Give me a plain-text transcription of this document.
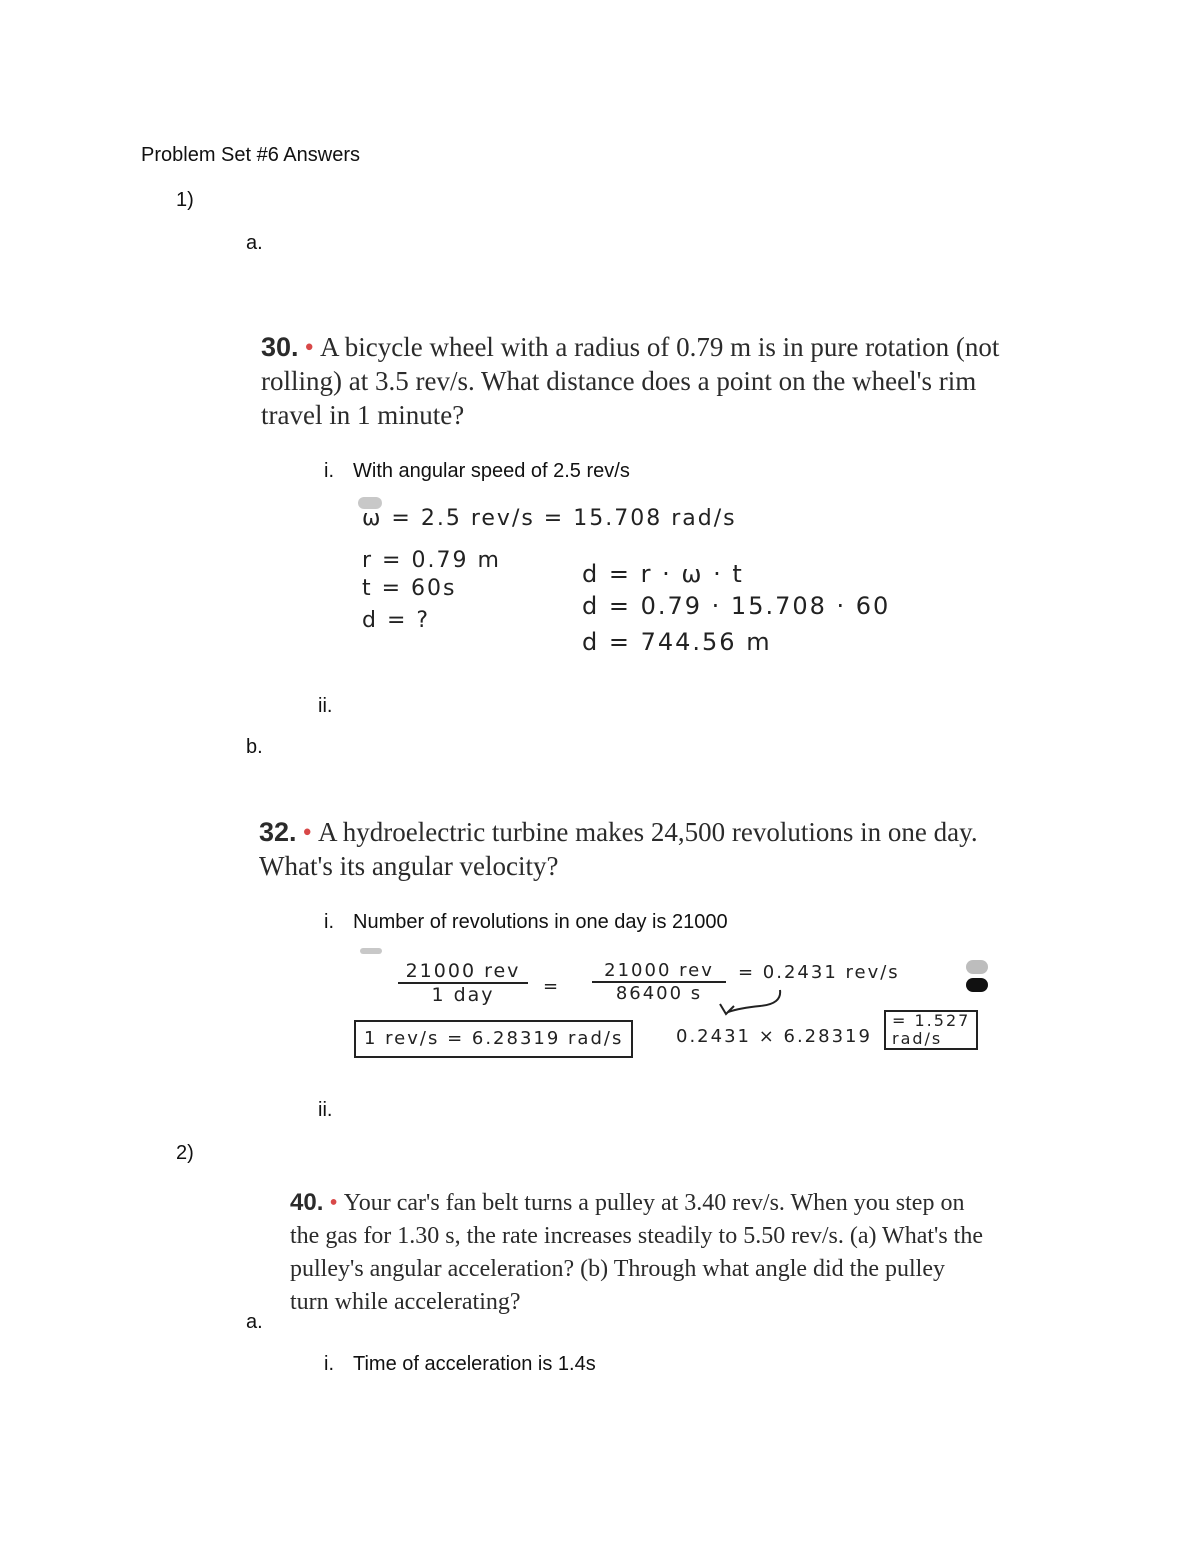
Problem Set #6 Answers
1)
a.
30. • A bicycle wheel with a radius of 0.79 m is in pure rotation (not
rolling) at 3.5 rev/s. What distance does a point on the wheel's rim
travel in 1 minute?
i. With angular speed of 2.5 rev/s
ω = 2.5 rev/s = 15.708 rad/s
r = 0.79 m
t = 60s
d = ?
d = r · ω · t
d = 0.79 · 15.708 · 60
d = 744.56 m
ii.
b.
32. • A hydroelectric turbine makes 24,500 revolutions in one day.
What's its angular velocity?
i. Number of revolutions in one day is 21000
21000 rev
1 day	=
21000 rev
86400 s
= 0.2431 rev/s
1 rev/s = 6.28319 rad/s	0.2431 × 6.28319
= 1.527
rad/s
ii.
2)
40. • Your car's fan belt turns a pulley at 3.40 rev/s. When you step on
the gas for 1.30 s, the rate increases steadily to 5.50 rev/s. (a) What's the
pulley's angular acceleration? (b) Through what angle did the pulley
turn while accelerating?
a.
i. Time of acceleration is 1.4s
